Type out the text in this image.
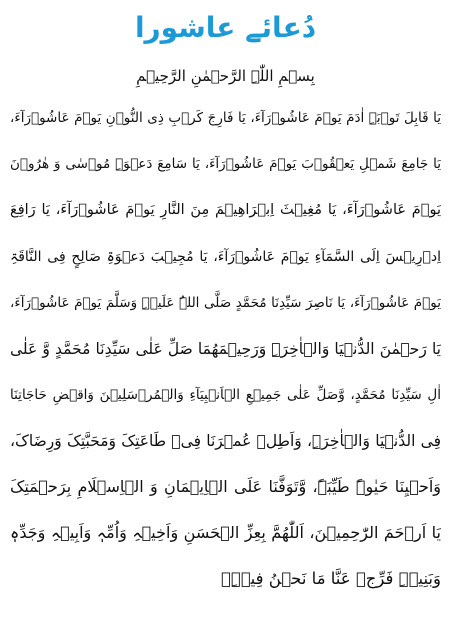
دُعائے عاشورا
بِسۡمِ اللّٰہِ الرَّحۡمٰنِ الرَّحِیۡمِ
یَا قَابِلَ تَوۡبَۃِ اٰدَمَ یَوۡمَ عَاشُوۡرَآءَ، یَا فَارِجَ کَرۡبِ ذِی النُّوۡنِ یَوۡمَ عَاشُوۡرَآءَ،
یَا جَامِعَ شَمۡلِ یَعۡقُوۡبَ یَوۡمَ عَاشُوۡرَآءَ، یَا سَامِعَ دَعۡوَۃِ مُوۡسٰی وَ ھٰرُوۡنَ
یَوۡمَ عَاشُوۡرَآءَ، یَا مُغِیۡثَ اِبۡرَاھِیۡمَ مِنَ النَّارِ یَوۡمَ عَاشُوۡرَآءَ، یَا رَافِعَ
اِدۡرِیۡسَ اِلَی السَّمَآءِ یَوۡمَ عَاشُوۡرَآءَ، یَا مُجِیۡبَ دَعۡوَۃِ صَالِحٍ فِی النَّاقَۃِ
یَوۡمَ عَاشُوۡرَآءَ، یَا نَاصِرَ سَیِّدِنَا مُحَمَّدٍ صَلَّی اللہُ عَلَیۡہِ وَسَلَّمَ یَوۡمَ عَاشُوۡرَآءَ،
یَا رَحۡمٰنَ الدُّنۡیَا وَالۡاٰخِرَۃِ وَرَحِیۡمَھُمَا صَلِّ عَلٰی سَیِّدِنَا مُحَمَّدٍ وَّ عَلٰی
اٰلِ سَیِّدِنَا مُحَمَّدٍ، وَّصَلِّ عَلٰی جَمِیۡعِ الۡاَنۡبِیَآءِ وَالۡمُرۡسَلِیۡنَ وَاقۡضِ حَاجَاتِنَا
فِی الدُّنۡیَا وَالۡاٰخِرَۃِ، وَاَطِلۡ عُمۡرَنَا فِیۡ طَاعَتِکَ وَمَحَبَّتِکَ وَرِضَاکَ،
وَاَحۡیِنَا حَیٰوۃً طَیِّبَۃً، وَّتَوَفَّنَا عَلَی الۡاِیۡمَانِ وَ الۡاِسۡلَامِ بِرَحۡمَتِکَ
یَا اَرۡحَمَ الرّٰحِمِیۡنَ، اَللّٰھُمَّ بِعِزِّ الۡحَسَنِ وَاَخِیۡہِ وَاُمِّہٖ وَاَبِیۡہِ وَجَدِّہٖ
وَبَنِیۡہِ فَرِّجۡ عَنَّا مَا نَحۡنُ فِیۡہِ۔
